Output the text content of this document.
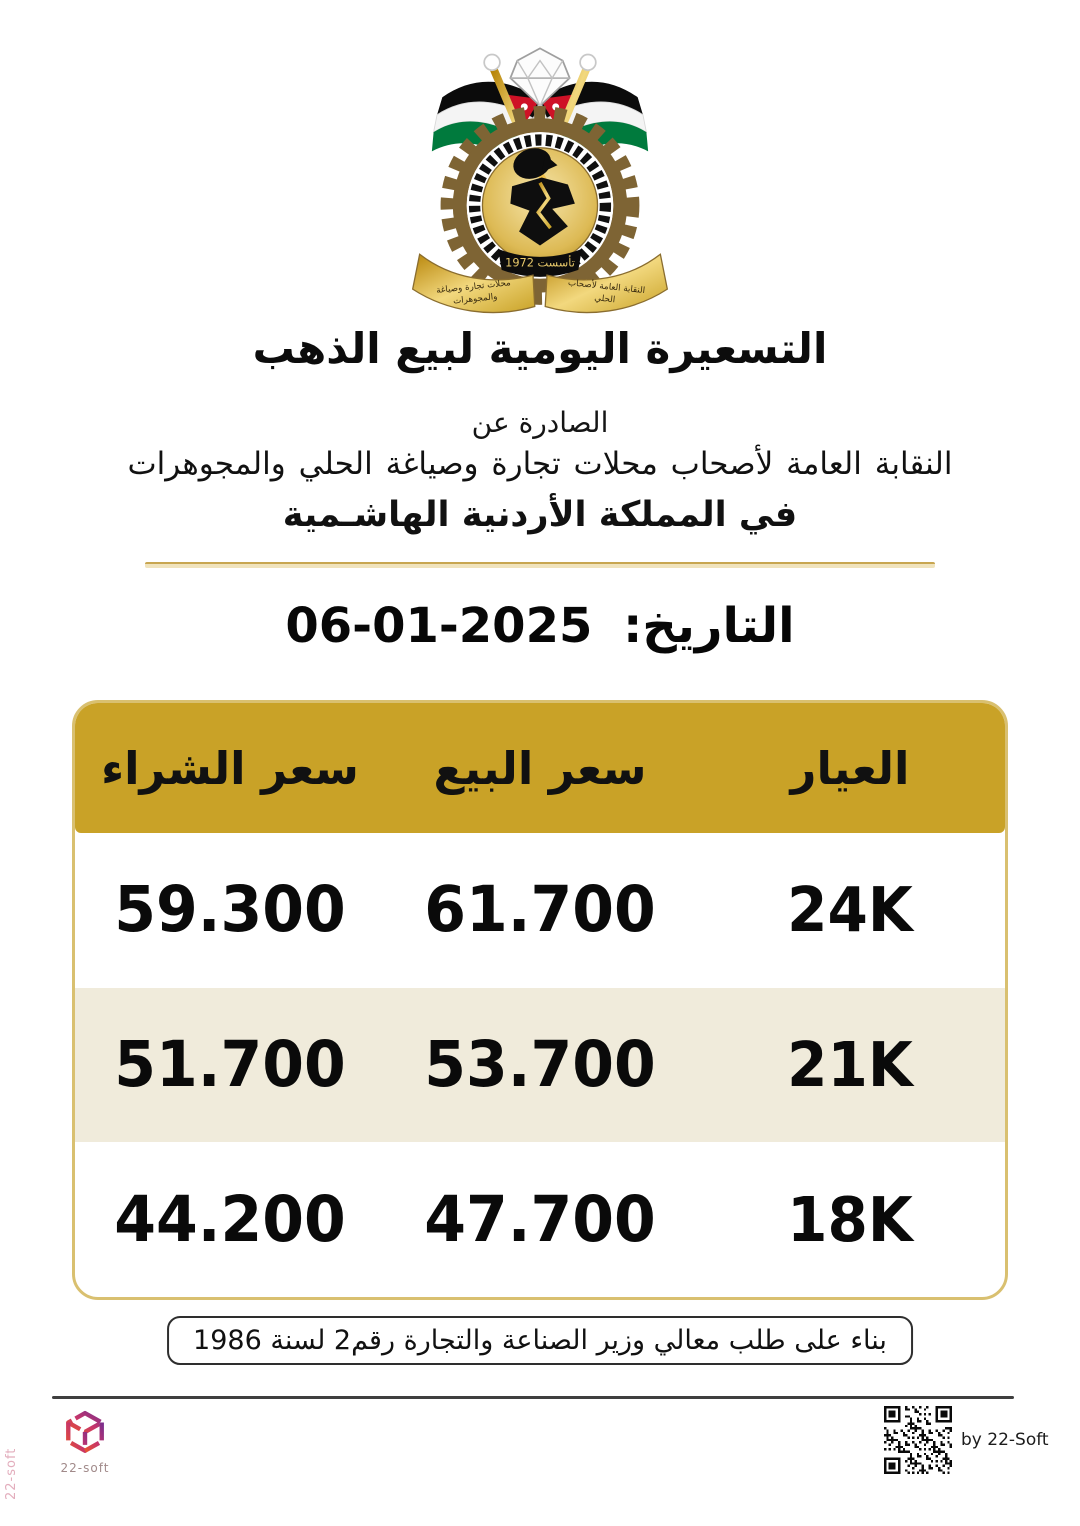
تأسست 1972
النقابة العامة لأصحاب
الحلي
محلات تجارة وصياغة
والمجوهرات
التسعيرة اليومية لبيع الذهب
الصادرة عن
النقابة العامة لأصحاب محلات تجارة وصياغة الحلي والمجوهرات
في المملكة الأردنية الهاشـمية
التاريخ: 06-01-2025
العيار
سعر البيع
سعر الشراء
24K
61.700
59.300
21K
53.700
51.700
18K
47.700
44.200
بناء على طلب معالي وزير الصناعة والتجارة رقم2 لسنة 1986
22-soft
22-soft
by 22-Soft
